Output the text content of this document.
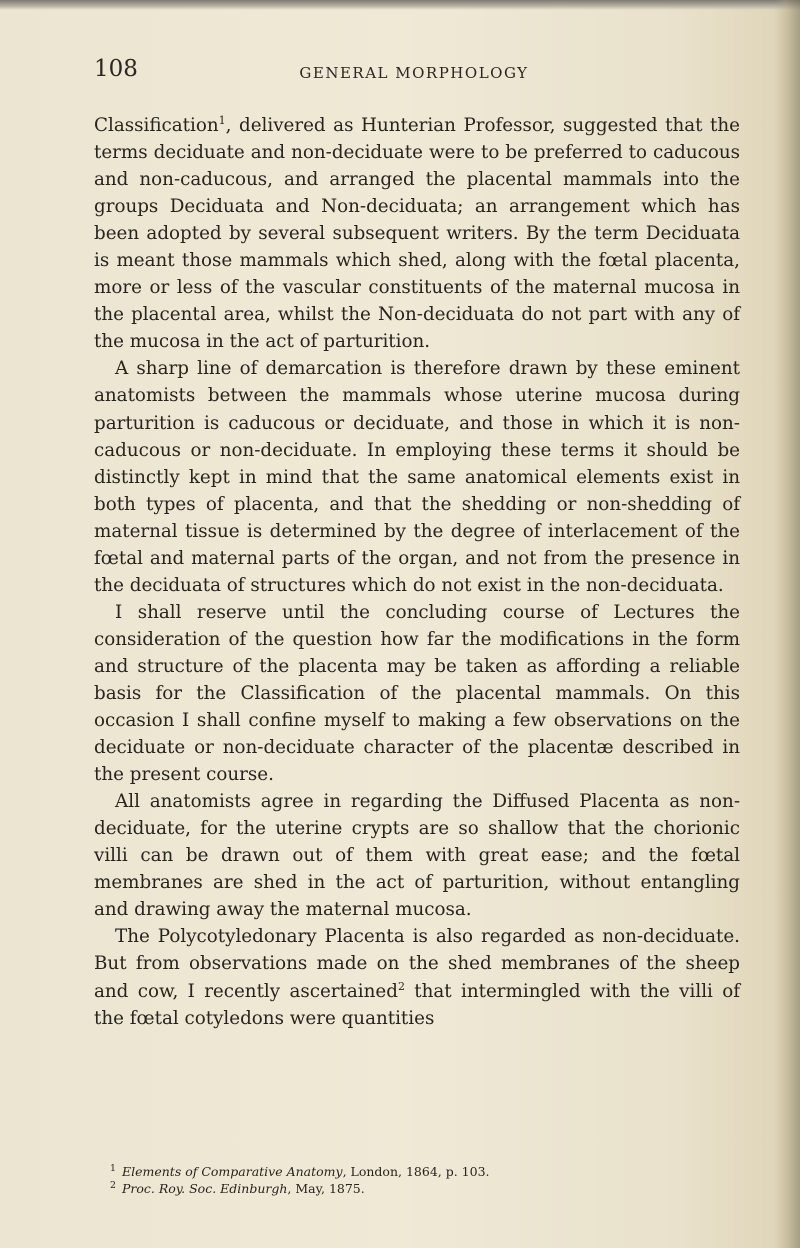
108	GENERAL MORPHOLOGY

Classification$^1$, delivered as Hunterian Professor, suggested that the terms deciduate and non-deciduate were to be preferred to caducous and non-caducous, and arranged the placental mammals into the groups Deciduata and Non-deciduata; an arrangement which has been adopted by several subsequent writers. By the term Deciduata is meant those mammals which shed, along with the fœtal placenta, more or less of the vascular constituents of the maternal mucosa in the placental area, whilst the Non-deciduata do not part with any of the mucosa in the act of parturition.

A sharp line of demarcation is therefore drawn by these eminent anatomists between the mammals whose uterine mucosa during parturition is caducous or deciduate, and those in which it is non-caducous or non-deciduate. In employing these terms it should be distinctly kept in mind that the same anatomical elements exist in both types of placenta, and that the shedding or non-shedding of maternal tissue is determined by the degree of interlacement of the fœtal and maternal parts of the organ, and not from the presence in the deciduata of structures which do not exist in the non-deciduata.

I shall reserve until the concluding course of Lectures the consideration of the question how far the modifications in the form and structure of the placenta may be taken as affording a reliable basis for the Classification of the placental mammals. On this occasion I shall confine myself to making a few observations on the deciduate or non-deciduate character of the placentæ described in the present course.

All anatomists agree in regarding the Diffused Placenta as non-deciduate, for the uterine crypts are so shallow that the chorionic villi can be drawn out of them with great ease; and the fœtal membranes are shed in the act of parturition, without entangling and drawing away the maternal mucosa.

The Polycotyledonary Placenta is also regarded as non-deciduate. But from observations made on the shed membranes of the sheep and cow, I recently ascertained$^2$ that intermingled with the villi of the fœtal cotyledons were quantities

$^1$ Elements of Comparative Anatomy, London, 1864, p. 103.

$^2$ Proc. Roy. Soc. Edinburgh, May, 1875.
